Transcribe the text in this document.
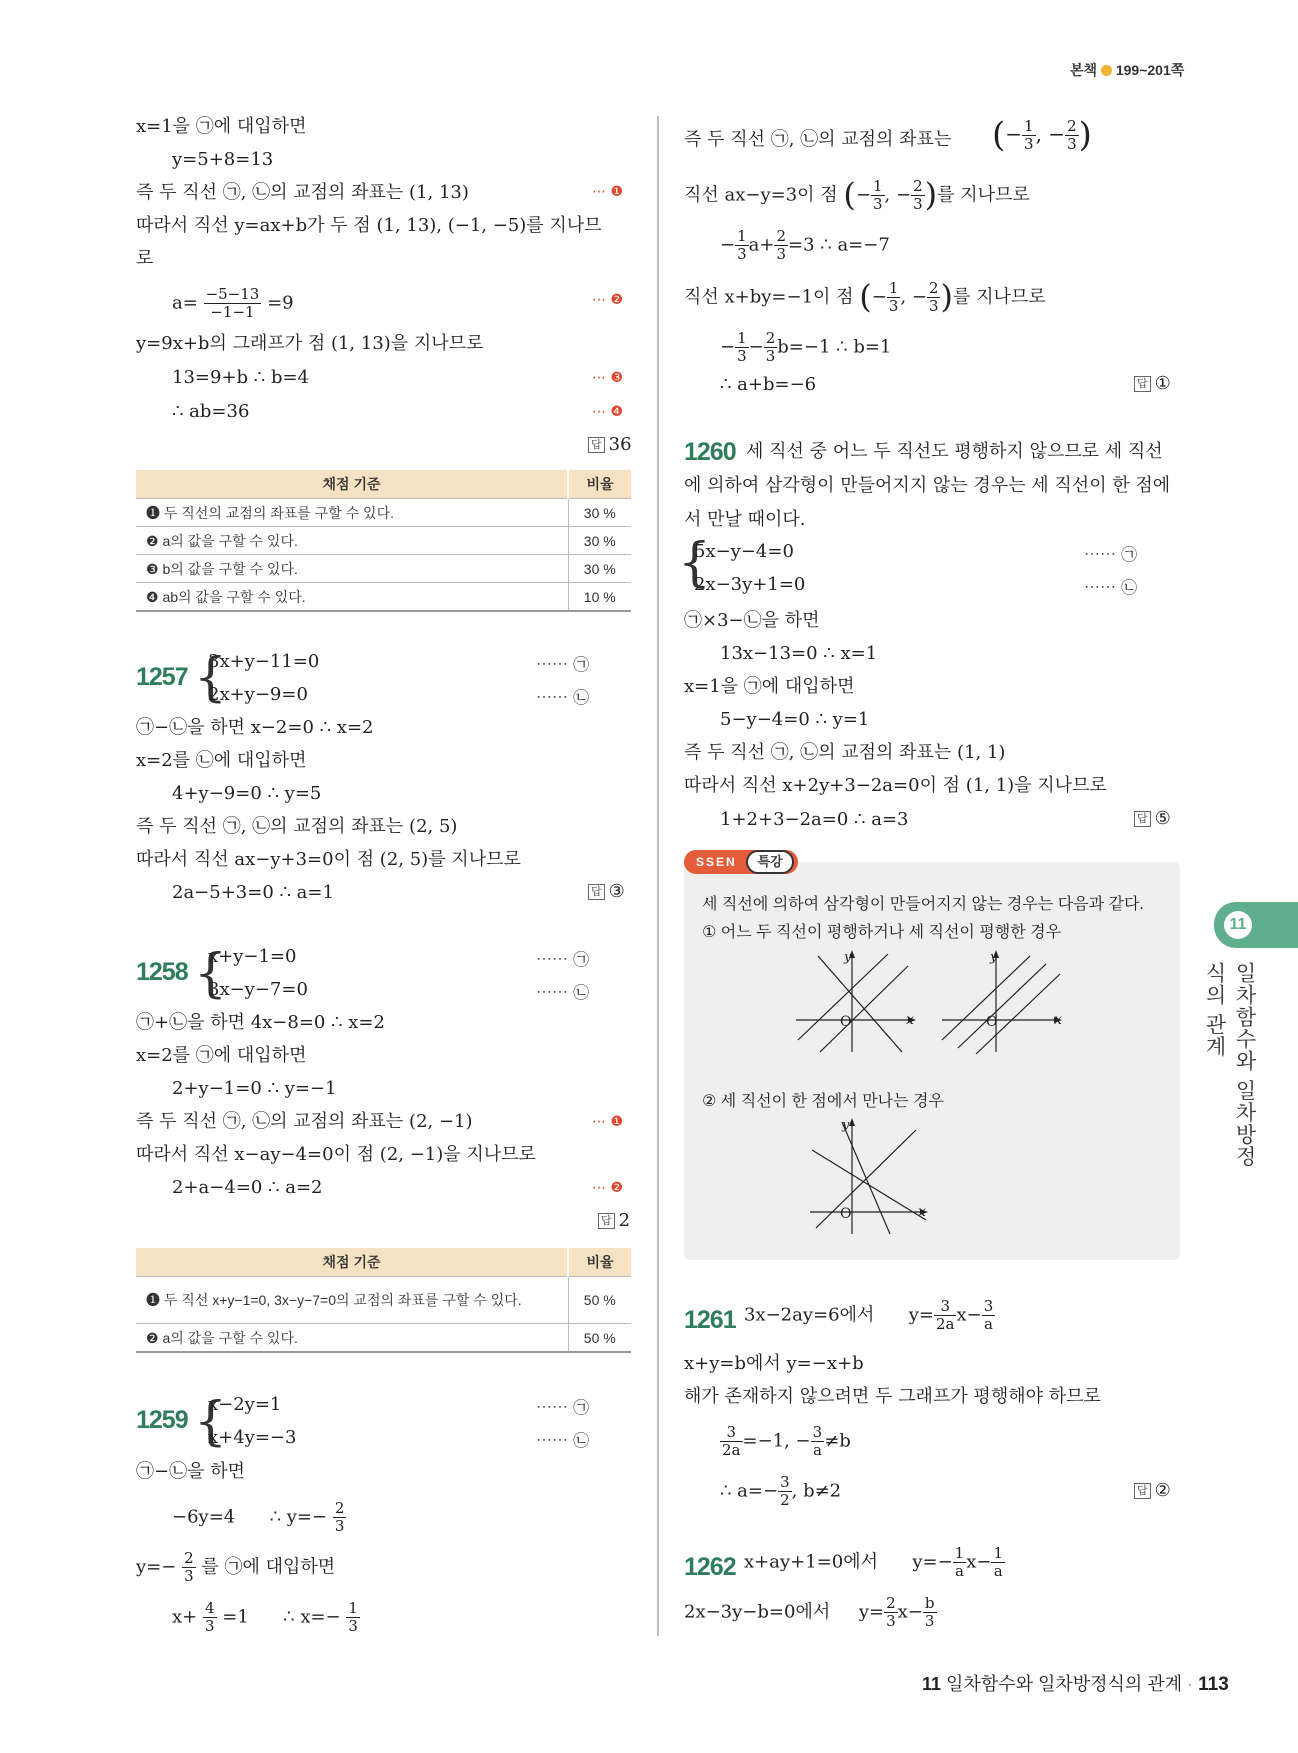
본책 199~201쪽
x=1을 ㉠에 대입하면
y=5+8=13
즉 두 직선 ㉠, ㉡의 교점의 좌표는 (1, 13)	⋯ ❶
따라서 직선 y=ax+b가 두 점 (1, 13), (−1, −5)를 지나므
로
$a= \frac{-5-13}{-1-1} =9$	⋯ ❷
y=9x+b의 그래프가 점 (1, 13)을 지나므로
13=9+b ∴ b=4	⋯ ❸
∴ ab=36	⋯ ❹
답 36
채점 기준	비율
❶ 두 직선의 교점의 좌표를 구할 수 있다.	30 %
❷ a의 값을 구할 수 있다.	30 %
❸ b의 값을 구할 수 있다.	30 %
❹ ab의 값을 구할 수 있다.	10 %
1257 {
3x+y−11=0
2x+y−9=0
⋯⋯ ㉠
⋯⋯ ㉡
㉠−㉡을 하면 x−2=0 ∴ x=2
x=2를 ㉡에 대입하면
4+y−9=0 ∴ y=5
즉 두 직선 ㉠, ㉡의 교점의 좌표는 (2, 5)
따라서 직선 ax−y+3=0이 점 (2, 5)를 지나므로
2a−5+3=0 ∴ a=1	답 ③
1258 {
x+y−1=0
3x−y−7=0
⋯⋯ ㉠
⋯⋯ ㉡
㉠+㉡을 하면 4x−8=0 ∴ x=2
x=2를 ㉠에 대입하면
2+y−1=0 ∴ y=−1
즉 두 직선 ㉠, ㉡의 교점의 좌표는 (2, −1)	⋯ ❶
따라서 직선 x−ay−4=0이 점 (2, −1)을 지나므로
2+a−4=0 ∴ a=2	⋯ ❷
답 2
채점 기준	비율
❶ 두 직선 x+y−1=0, 3x−y−7=0의 교점의 좌표를 구할 수 있다.	50 %
❷ a의 값을 구할 수 있다.	50 %
1259 {
x−2y=1
x+4y=−3
⋯⋯ ㉠
⋯⋯ ㉡
㉠−㉡을 하면
−6y=4 ∴ $y=- \frac{2}{3}$
$y=- \frac{2}{3}$ 를 ㉠에 대입하면
$x+ \frac{4}{3} =1$ ∴ $x=- \frac{1}{3}$
즉 두 직선 ㉠, ㉡의 교점의 좌표는 (− $\frac{1}{3}$ , − $\frac{2}{3}$ )
직선 ax−y=3이 점 (− $\frac{1}{3}$ , − $\frac{2}{3}$ )를 지나므로
− $\frac{1}{3} a+ \frac{2}{3} =3$ ∴ a=−7
직선 x+by=−1이 점 (− $\frac{1}{3}$ , − $\frac{2}{3}$ )를 지나므로
− $\frac{1}{3} - \frac{2}{3} b=-1$ ∴ b=1
∴ a+b=−6	답 ①
1260 세 직선 중 어느 두 직선도 평행하지 않으므로 세 직선
에 의하여 삼각형이 만들어지지 않는 경우는 세 직선이 한 점에
서 만날 때이다.
{
5x−y−4=0
2x−3y+1=0
⋯⋯ ㉠
⋯⋯ ㉡
㉠×3−㉡을 하면
13x−13=0 ∴ x=1
x=1을 ㉠에 대입하면
5−y−4=0 ∴ y=1
즉 두 직선 ㉠, ㉡의 교점의 좌표는 (1, 1)
따라서 직선 x+2y+3−2a=0이 점 (1, 1)을 지나므로
1+2+3−2a=0 ∴ a=3	답 ⑤
SSEN	특강
세 직선에 의하여 삼각형이 만들어지지 않는 경우는 다음과 같다.
① 어느 두 직선이 평행하거나 세 직선이 평행한 경우
y
x
O
y
x
O
② 세 직선이 한 점에서 만나는 경우
y
x
O
1261 3x−2ay=6에서 $y= \frac{3}{2a} x- \frac{3}{a}$
x+y=b에서 y=−x+b
해가 존재하지 않으려면 두 그래프가 평행해야 하므로
$\frac{3}{2a} =-1$, − $\frac{3}{a} \ne b$
∴ $a=- \frac{3}{2}$ , b≠2	답 ②
1262 x+ay+1=0에서 $y=- \frac{1}{a} x- \frac{1}{a}$
2x−3y−b=0에서 $y= \frac{2}{3} x- \frac{b}{3}$
11
일차함수와 일차방정식의 관계
11 일차함수와 일차방정식의 관계 · 113
